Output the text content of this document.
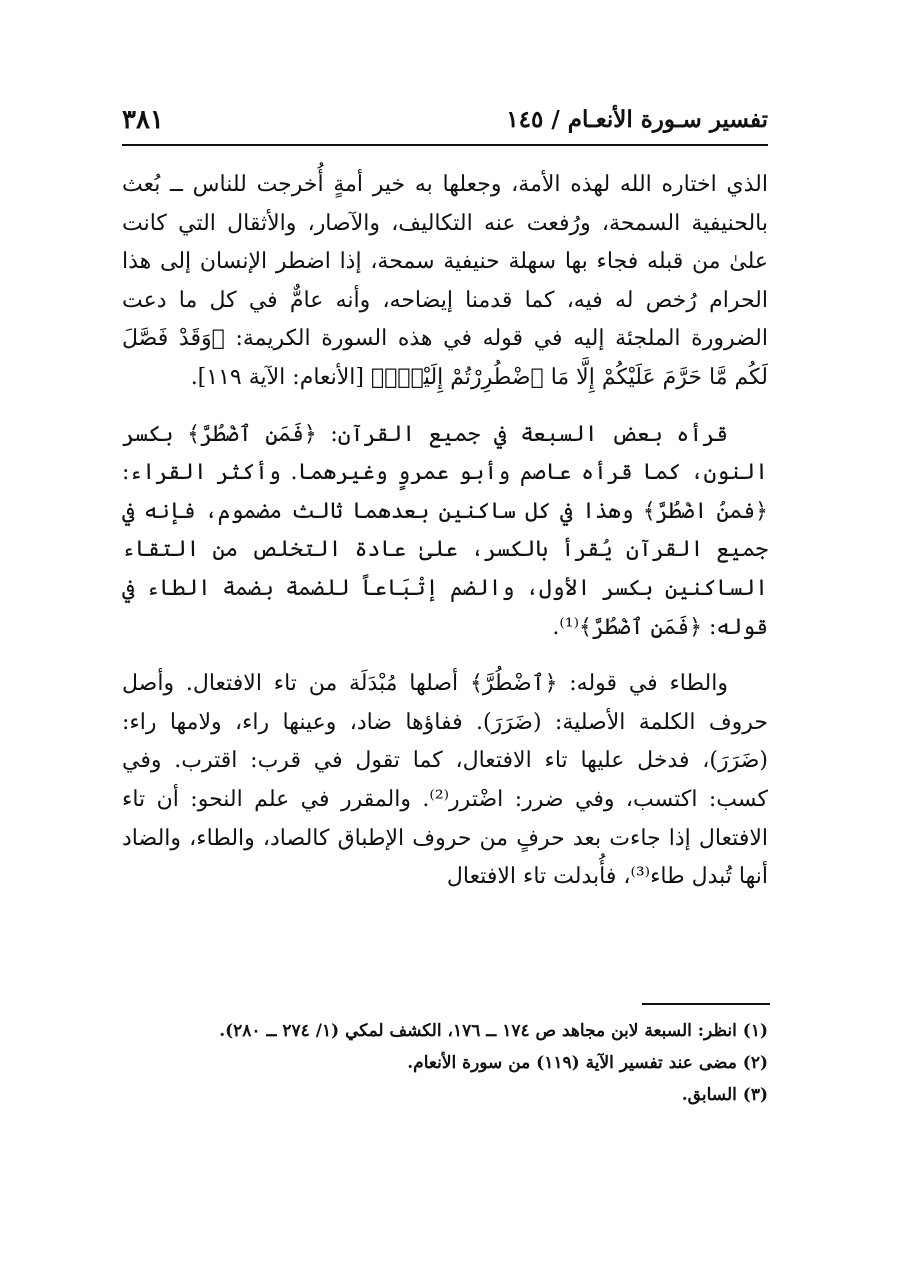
تفسير سـورة الأنعـام / ١٤٥
٣٨١

الذي اختاره الله لهذه الأمة، وجعلها به خير أمةٍ أُخرجت للناس ــ بُعث بالحنيفية السمحة، ورُفعت عنه التكاليف، والآصار، والأثقال التي كانت علىٰ من قبله فجاء بها سهلة حنيفية سمحة، إذا اضطر الإنسان إلى هذا الحرام رُخص له فيه، كما قدمنا إيضاحه، وأنه عامٌّ في كل ما دعت الضرورة الملجئة إليه في قوله في هذه السورة الكريمة: ﴿وَقَدْ فَصَّلَ لَكُم مَّا حَرَّمَ عَلَيْكُمْ إِلَّا مَا ٱضْطُرِرْتُمْ إِلَيْهِۗ﴾ [الأنعام: الآية ١١٩].

قرأه بعض السبعة في جميع القرآن: ﴿فَمَنِ ٱضْطُرَّ﴾ بكسر النون، كما قرأه عاصم وأبو عمروٍ وغيرهما. وأكثر القراء: ﴿فمنُ اضْطُرَّ﴾ وهذا في كل ساكنين بعدهما ثالث مضموم، فإنه في جميع القرآن يُقرأ بالكسر، علىٰ عادة التخلص من التقاء الساكنين بكسر الأول، والضم إتْبَاعاً للضمة بضمة الطاء في قوله: ﴿فَمَنِ ٱضْطُرَّ﴾⁽¹⁾.

والطاء في قوله: ﴿ٱضْطُرَّ﴾ أصلها مُبْدَلَة من تاء الافتعال. وأصل حروف الكلمة الأصلية: (ضَرَرَ). ففاؤها ضاد، وعينها راء، ولامها راء: (ضَرَرَ)، فدخل عليها تاء الافتعال، كما تقول في قرب: اقترب. وفي كسب: اكتسب، وفي ضرر: اضْترر⁽²⁾. والمقرر في علم النحو: أن تاء الافتعال إذا جاءت بعد حرفٍ من حروف الإطباق كالصاد، والطاء، والضاد أنها تُبدل طاء⁽³⁾، فأُبدلت تاء الافتعال

(١) انظر: السبعة لابن مجاهد ص ١٧٤ ــ ١٧٦، الكشف لمكي (١/ ٢٧٤ ــ ٢٨٠).
(٢) مضى عند تفسير الآية (١١٩) من سورة الأنعام.
(٣) السابق.
